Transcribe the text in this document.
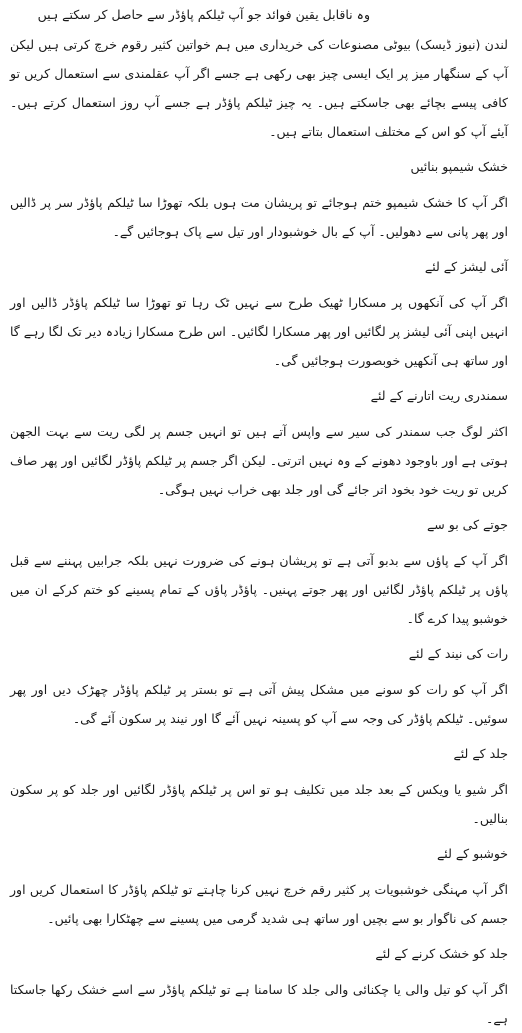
وہ ناقابل یقین فوائد جو آپ ٹیلکم پاؤڈر سے حاصل کر سکتے ہیں

لندن (نیوز ڈیسک) بیوٹی مصنوعات کی خریداری میں ہم خواتین کثیر رقوم خرچ کرتی ہیں لیکن آپ کے سنگھار میز پر ایک ایسی چیز بھی رکھی ہے جسے اگر آپ عقلمندی سے استعمال کریں تو کافی پیسے بچائے بھی جاسکتے ہیں۔ یہ چیز ٹیلکم پاؤڈر ہے جسے آپ روز استعمال کرتے ہیں۔ آیئے آپ کو اس کے مختلف استعمال بتاتے ہیں۔

خشک شیمپو بنائیں

اگر آپ کا خشک شیمپو ختم ہوجائے تو پریشان مت ہوں بلکہ تھوڑا سا ٹیلکم پاؤڈر سر پر ڈالیں اور پھر پانی سے دھولیں۔ آپ کے بال خوشبودار اور تیل سے پاک ہوجائیں گے۔

آئی لیشز کے لئے

اگر آپ کی آنکھوں پر مسکارا ٹھیک طرح سے نہیں ٹک رہا تو تھوڑا سا ٹیلکم پاؤڈر ڈالیں اور انہیں اپنی آئی لیشز پر لگائیں اور پھر مسکارا لگائیں۔ اس طرح مسکارا زیادہ دیر تک لگا رہے گا اور ساتھ ہی آنکھیں خوبصورت ہوجائیں گی۔

سمندری ریت اتارنے کے لئے

اکثر لوگ جب سمندر کی سیر سے واپس آتے ہیں تو انہیں جسم پر لگی ریت سے بہت الجھن ہوتی ہے اور باوجود دھونے کے وہ نہیں اترتی۔ لیکن اگر جسم پر ٹیلکم پاؤڈر لگائیں اور پھر صاف کریں تو ریت خود بخود اتر جائے گی اور جلد بھی خراب نہیں ہوگی۔

جوتے کی بو سے

اگر آپ کے پاؤں سے بدبو آتی ہے تو پریشان ہونے کی ضرورت نہیں بلکہ جرابیں پہننے سے قبل پاؤں پر ٹیلکم پاؤڈر لگائیں اور پھر جوتے پہنیں۔ پاؤڈر پاؤں کے تمام پسینے کو ختم کرکے ان میں خوشبو پیدا کرے گا۔

رات کی نیند کے لئے

اگر آپ کو رات کو سونے میں مشکل پیش آتی ہے تو بستر پر ٹیلکم پاؤڈر چھڑک دیں اور پھر سوئیں۔ ٹیلکم پاؤڈر کی وجہ سے آپ کو پسینہ نہیں آئے گا اور نیند پر سکون آئے گی۔

جلد کے لئے

اگر شیو یا ویکس کے بعد جلد میں تکلیف ہو تو اس پر ٹیلکم پاؤڈر لگائیں اور جلد کو پر سکون بنالیں۔

خوشبو کے لئے

اگر آپ مہنگی خوشبویات پر کثیر رقم خرچ نہیں کرنا چاہتے تو ٹیلکم پاؤڈر کا استعمال کریں اور جسم کی ناگوار بو سے بچیں اور ساتھ ہی شدید گرمی میں پسینے سے چھٹکارا بھی پائیں۔

جلد کو خشک کرنے کے لئے

اگر آپ کو تیل والی یا چکنائی والی جلد کا سامنا ہے تو ٹیلکم پاؤڈر سے اسے خشک رکھا جاسکتا ہے۔
